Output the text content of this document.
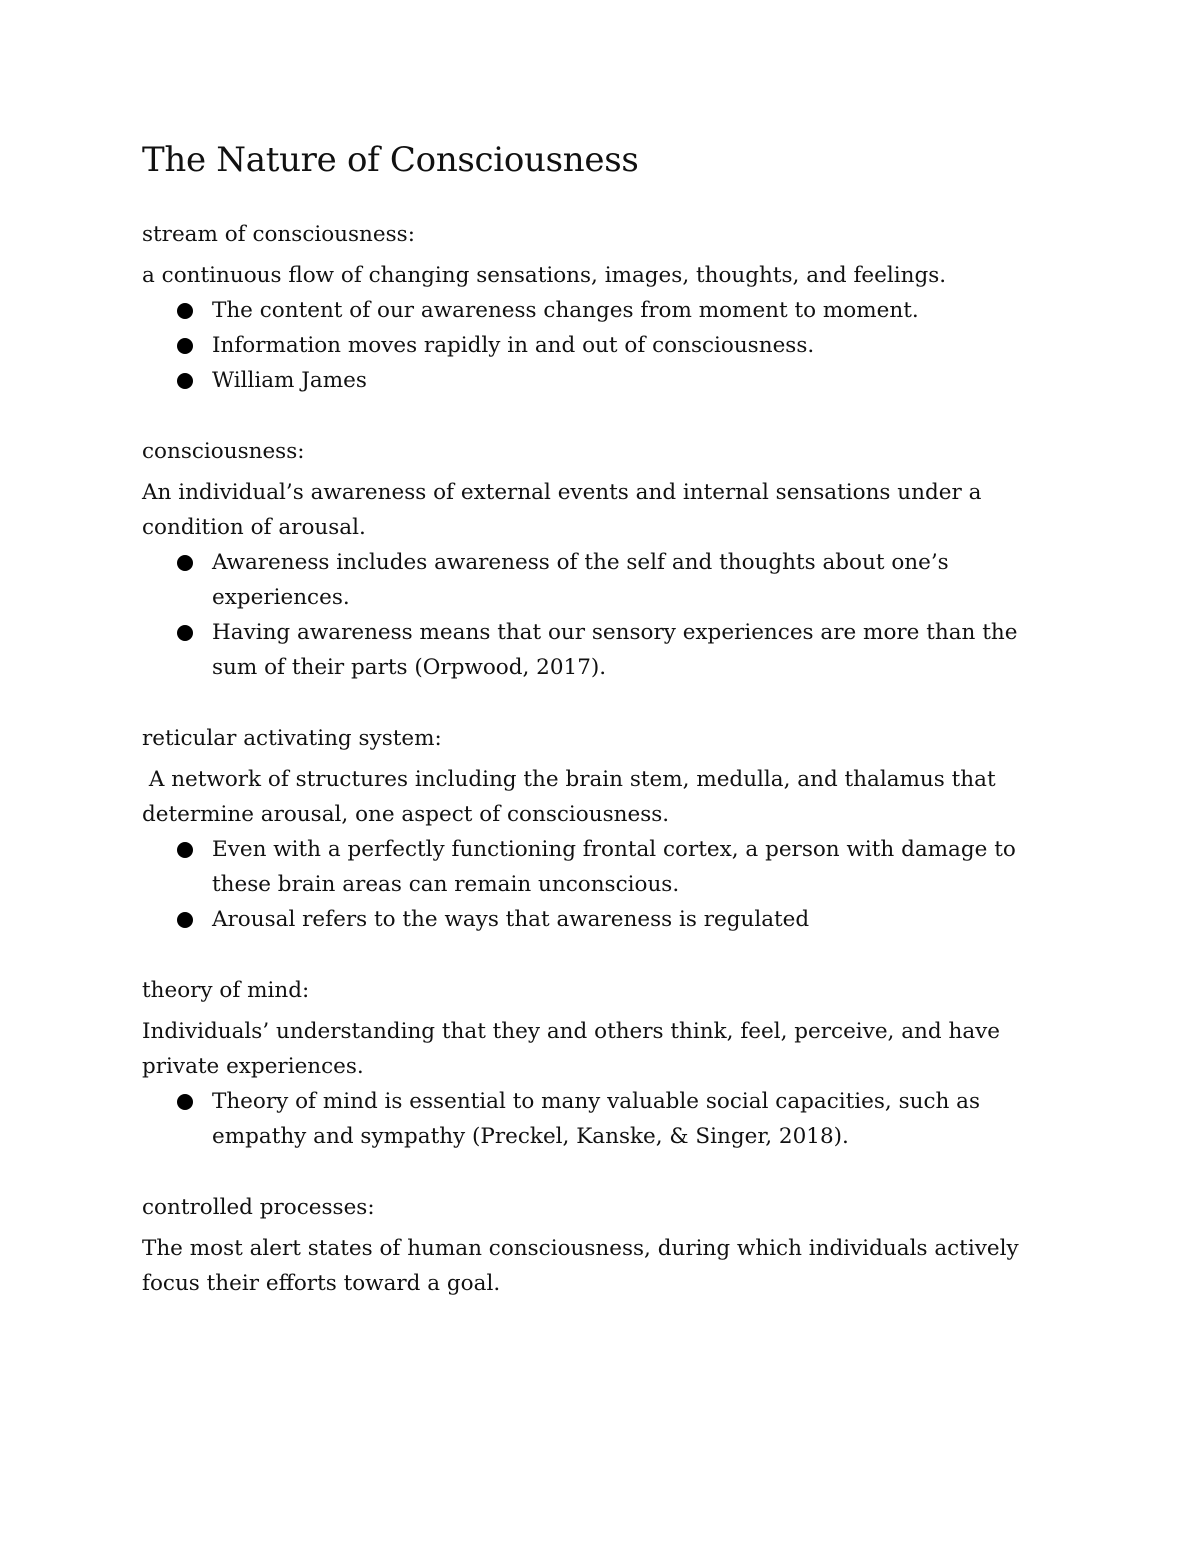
The Nature of Consciousness

stream of consciousness:

a continuous flow of changing sensations, images, thoughts, and feelings.

The content of our awareness changes from moment to moment.
Information moves rapidly in and out of consciousness.
William James

consciousness:

An individual’s awareness of external events and internal sensations under a condition of arousal.

Awareness includes awareness of the self and thoughts about one’s experiences.
Having awareness means that our sensory experiences are more than the sum of their parts (Orpwood, 2017).

reticular activating system:

A network of structures including the brain stem, medulla, and thalamus that determine arousal, one aspect of consciousness.

Even with a perfectly functioning frontal cortex, a person with damage to these brain areas can remain unconscious.
Arousal refers to the ways that awareness is regulated

theory of mind:

Individuals’ understanding that they and others think, feel, perceive, and have private experiences.

Theory of mind is essential to many valuable social capacities, such as empathy and sympathy (Preckel, Kanske, & Singer, 2018).

controlled processes:

The most alert states of human consciousness, during which individuals actively focus their efforts toward a goal.
